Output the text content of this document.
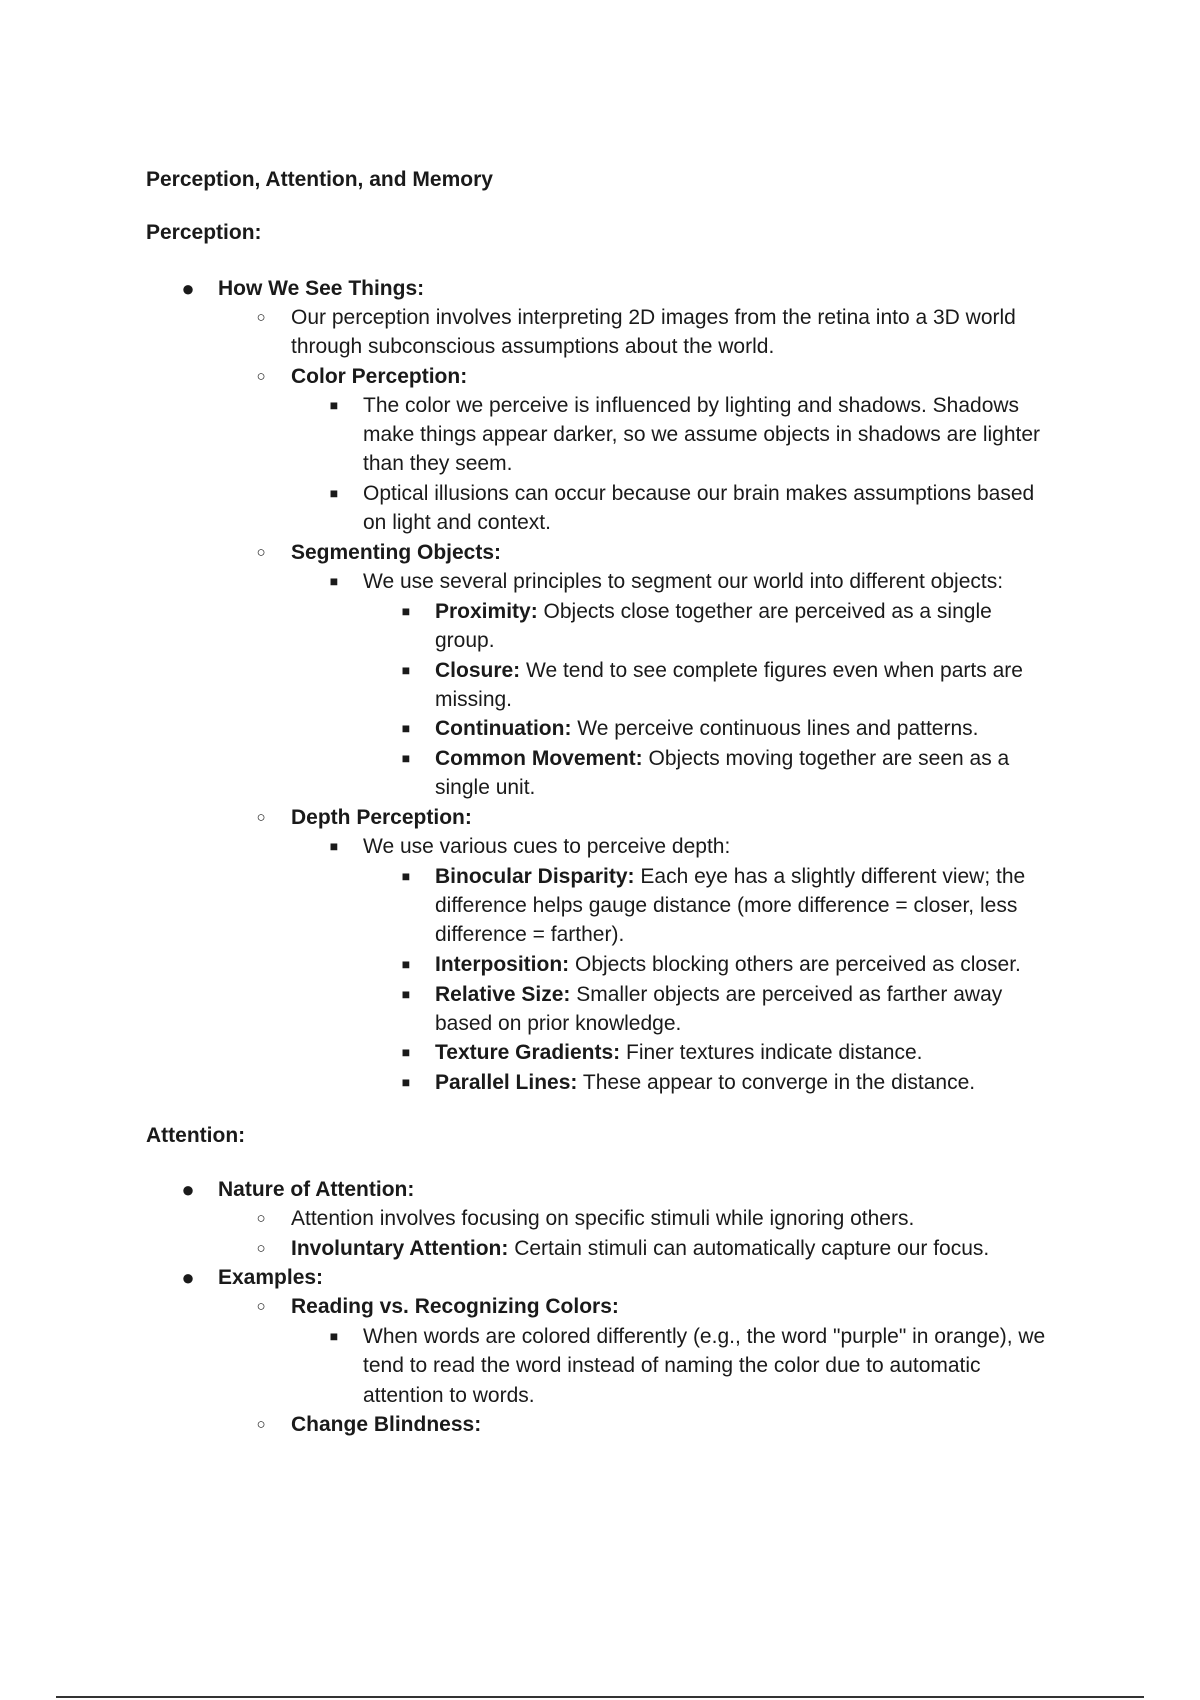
Perception, Attention, and Memory
Perception:
● How We See Things:
○ Our perception involves interpreting 2D images from the retina into a 3D world
through subconscious assumptions about the world.
○ Color Perception:
■ The color we perceive is influenced by lighting and shadows. Shadows
make things appear darker, so we assume objects in shadows are lighter
than they seem.
■ Optical illusions can occur because our brain makes assumptions based
on light and context.
○ Segmenting Objects:
■ We use several principles to segment our world into different objects:
■ Proximity: Objects close together are perceived as a single
group.
■ Closure: We tend to see complete figures even when parts are
missing.
■ Continuation: We perceive continuous lines and patterns.
■ Common Movement: Objects moving together are seen as a
single unit.
○ Depth Perception:
■ We use various cues to perceive depth:
■ Binocular Disparity: Each eye has a slightly different view; the
difference helps gauge distance (more difference = closer, less
difference = farther).
■ Interposition: Objects blocking others are perceived as closer.
■ Relative Size: Smaller objects are perceived as farther away
based on prior knowledge.
■ Texture Gradients: Finer textures indicate distance.
■ Parallel Lines: These appear to converge in the distance.
Attention:
● Nature of Attention:
○ Attention involves focusing on specific stimuli while ignoring others.
○ Involuntary Attention: Certain stimuli can automatically capture our focus.
● Examples:
○ Reading vs. Recognizing Colors:
■ When words are colored differently (e.g., the word "purple" in orange), we
tend to read the word instead of naming the color due to automatic
attention to words.
○ Change Blindness:
